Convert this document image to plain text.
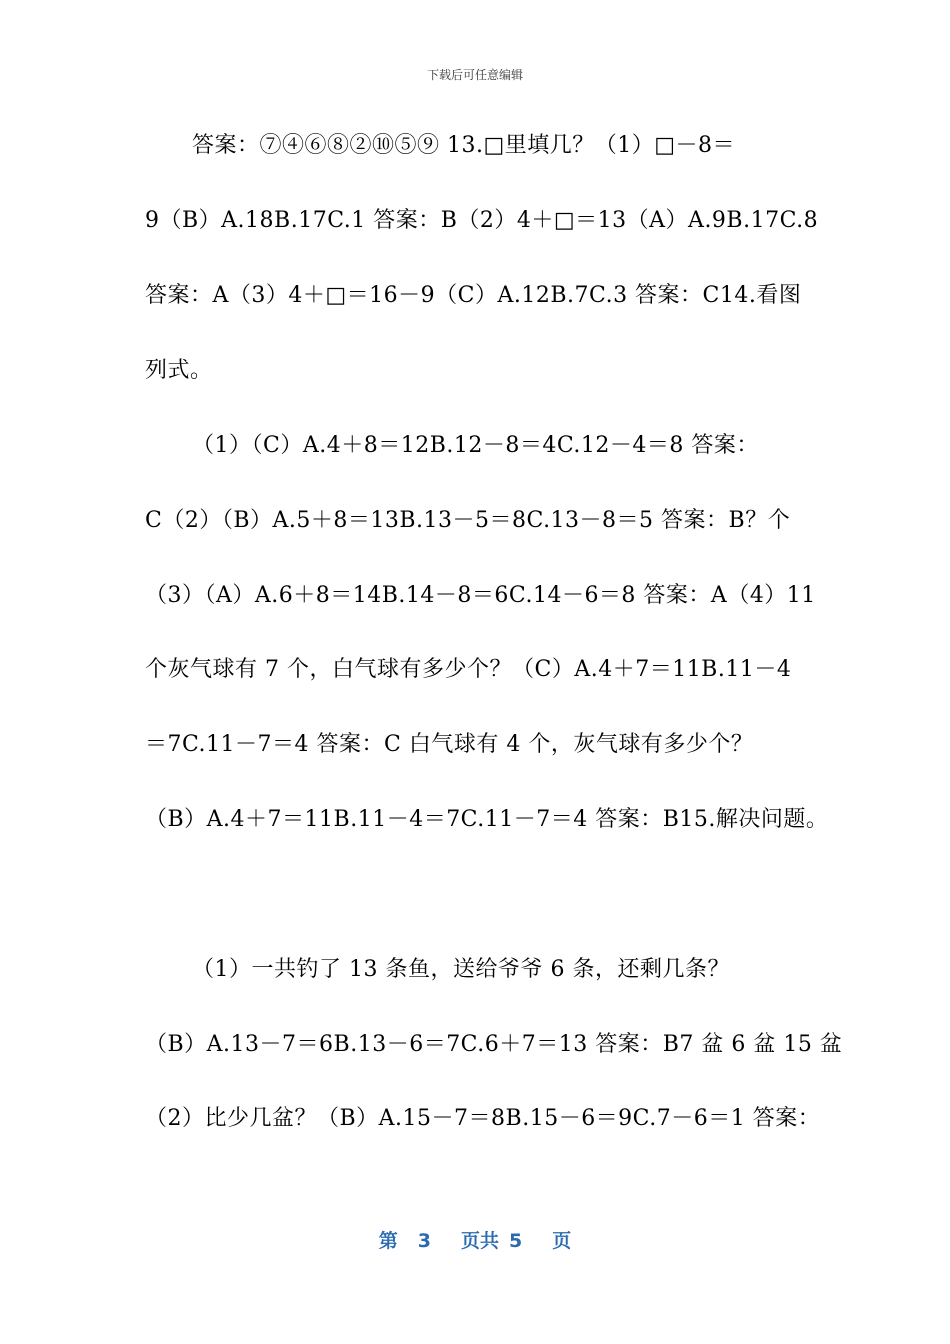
下载后可任意编辑
答案：⑦④⑥⑧②⑩⑤⑨ 13.□里填几？（1）□－8＝
9（B）A.18B.17C.1 答案：B（2）4＋□＝13（A）A.9B.17C.8
答案：A（3）4＋□＝16－9（C）A.12B.7C.3 答案：C14.看图
列式。
（1）（C）A.4＋8＝12B.12－8＝4C.12－4＝8 答案：
C（2）（B）A.5＋8＝13B.13－5＝8C.13－8＝5 答案：B？个
（3）（A）A.6＋8＝14B.14－8＝6C.14－6＝8 答案：A（4）11
个灰气球有 7 个，白气球有多少个？（C）A.4＋7＝11B.11－4
＝7C.11－7＝4 答案：C 白气球有 4 个，灰气球有多少个？
（B）A.4＋7＝11B.11－4＝7C.11－7＝4 答案：B15.解决问题。
（1）一共钓了 13 条鱼，送给爷爷 6 条，还剩几条？
（B）A.13－7＝6B.13－6＝7C.6＋7＝13 答案：B7 盆 6 盆 15 盆
（2）比少几盆？（B）A.15－7＝8B.15－6＝9C.7－6＝1 答案：
第 3 页共 5 页
